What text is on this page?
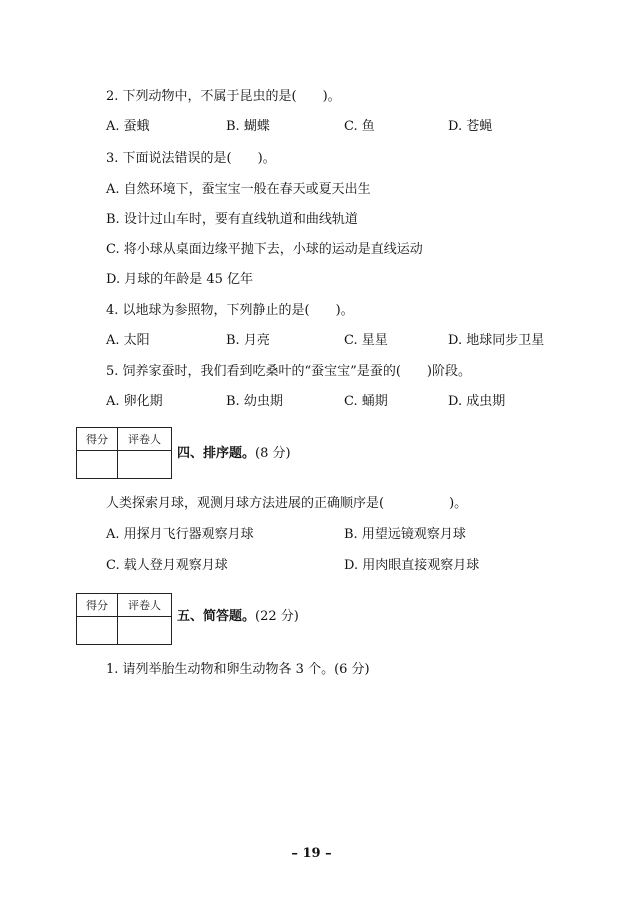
2. 下列动物中，不属于昆虫的是(　　)。
A. 蚕蛾	B. 蝴蝶	C. 鱼	D. 苍蝇
3. 下面说法错误的是(　　)。
A. 自然环境下，蚕宝宝一般在春天或夏天出生
B. 设计过山车时，要有直线轨道和曲线轨道
C. 将小球从桌面边缘平抛下去，小球的运动是直线运动
D. 月球的年龄是 45 亿年
4. 以地球为参照物，下列静止的是(　　)。
A. 太阳	B. 月亮	C. 星星	D. 地球同步卫星
5. 饲养家蚕时，我们看到吃桑叶的“蚕宝宝”是蚕的(　　)阶段。
A. 卵化期	B. 幼虫期	C. 蛹期	D. 成虫期
得分	评卷人

四、排序题。(8 分)
人类探索月球，观测月球方法进展的正确顺序是(　　　　　)。
A. 用探月飞行器观察月球	B. 用望远镜观察月球
C. 载人登月观察月球	D. 用肉眼直接观察月球
得分	评卷人

五、简答题。(22 分)
1. 请列举胎生动物和卵生动物各 3 个。(6 分)
– 19 –
